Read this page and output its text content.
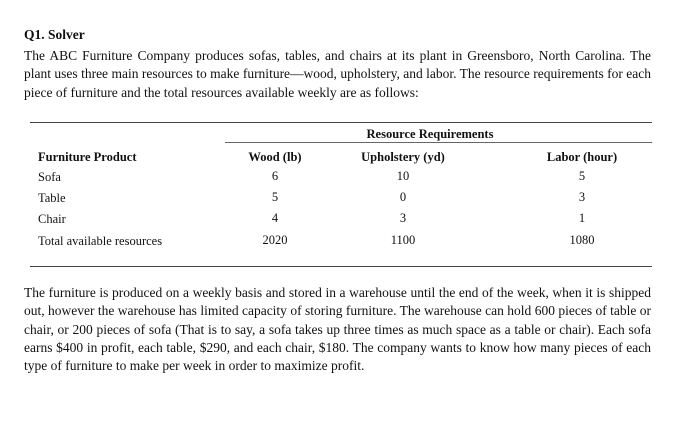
Q1. Solver

The ABC Furniture Company produces sofas, tables, and chairs at its plant in Greensboro, North Carolina. The plant uses three main resources to make furniture—wood, upholstery, and labor. The resource requirements for each piece of furniture and the total resources available weekly are as follows:

Resource Requirements
Furniture Product	Wood (lb)	Upholstery (yd)	Labor (hour)
Sofa	6	10	5
Table	5	0	3
Chair	4	3	1
Total available resources	2020	1100	1080

The furniture is produced on a weekly basis and stored in a warehouse until the end of the week, when it is shipped out, however the warehouse has limited capacity of storing furniture. The warehouse can hold 600 pieces of table or chair, or 200 pieces of sofa (That is to say, a sofa takes up three times as much space as a table or chair). Each sofa earns $400 in profit, each table, $290, and each chair, $180. The company wants to know how many pieces of each type of furniture to make per week in order to maximize profit.
